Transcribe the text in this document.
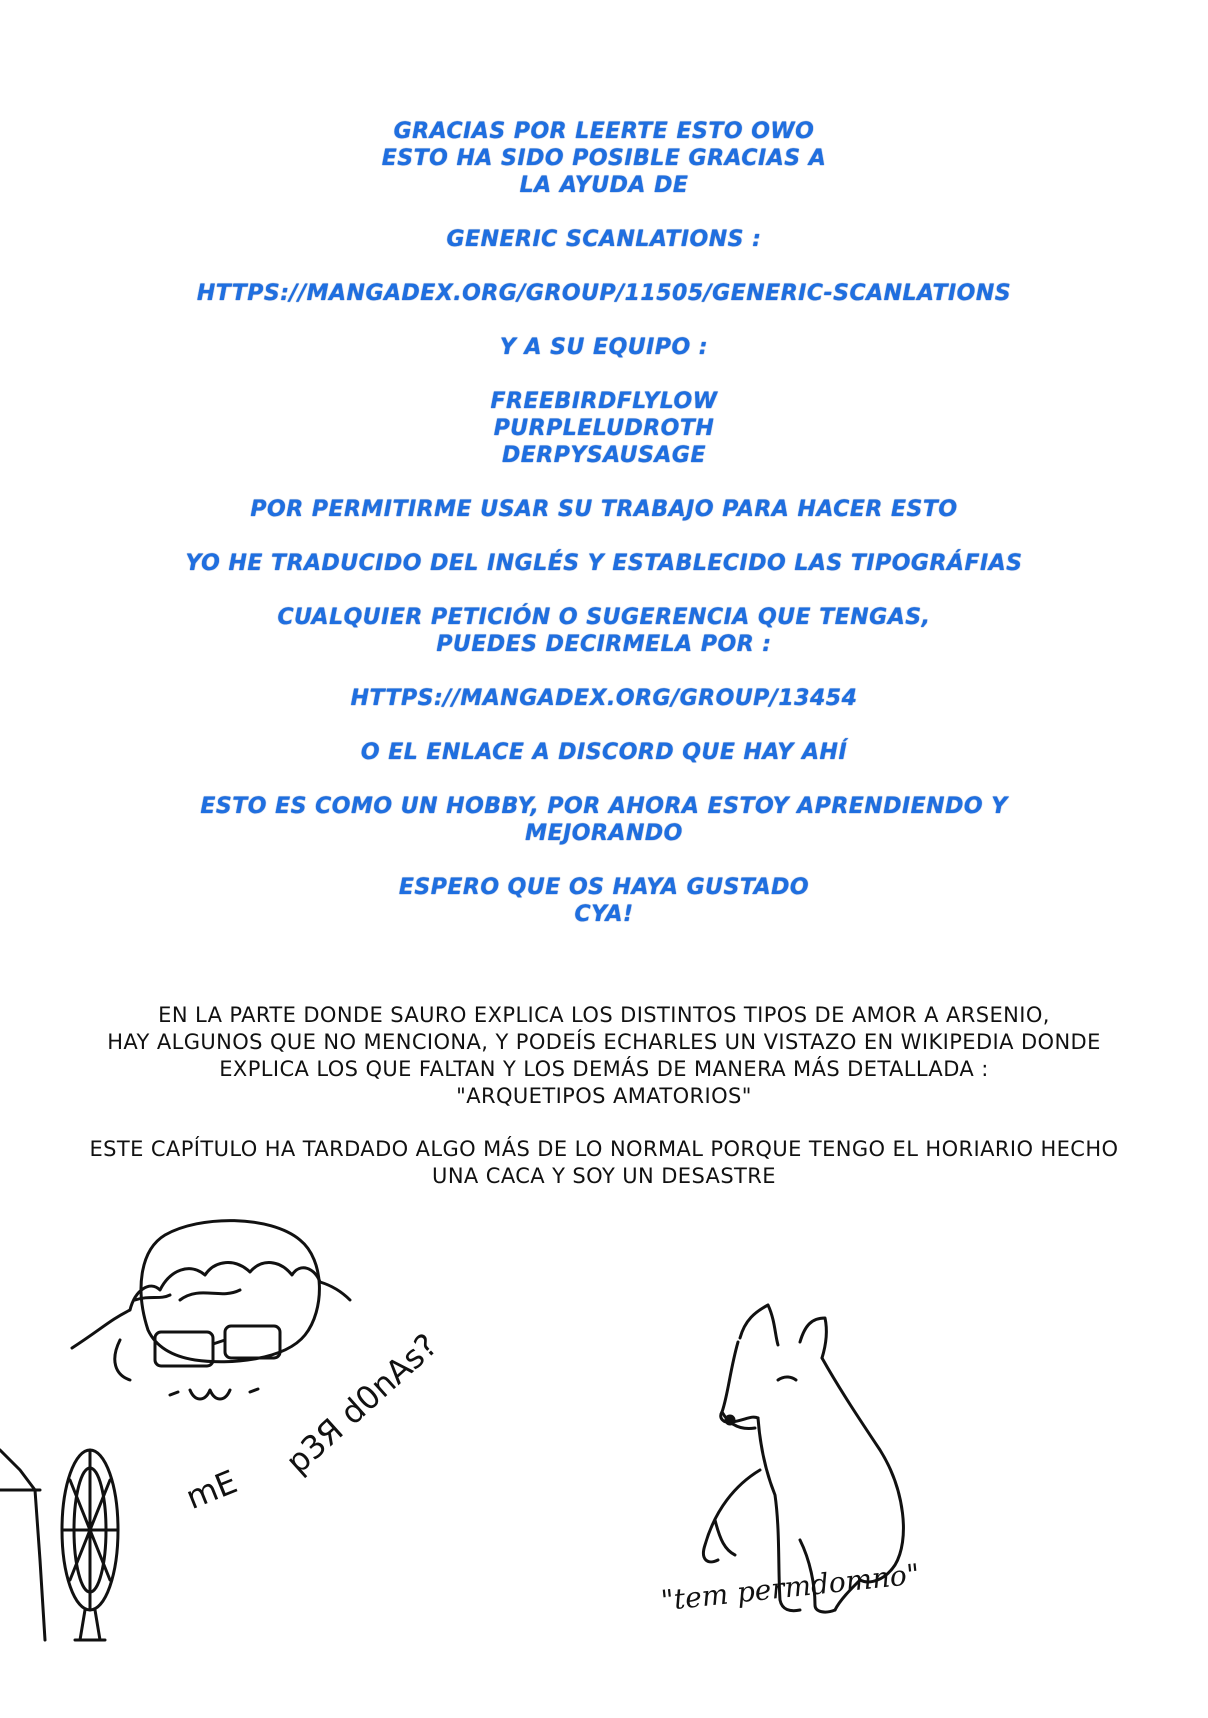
GRACIAS POR LEERTE ESTO OWO
ESTO HA SIDO POSIBLE GRACIAS A
LA AYUDA DE

GENERIC SCANLATIONS :

HTTPS://MANGADEX.ORG/GROUP/11505/GENERIC-SCANLATIONS

Y A SU EQUIPO :

FREEBIRDFLYLOW
PURPLELUDROTH
DERPYSAUSAGE

POR PERMITIRME USAR SU TRABAJO PARA HACER ESTO

YO HE TRADUCIDO DEL INGLÉS Y ESTABLECIDO LAS TIPOGRÁFIAS

CUALQUIER PETICIÓN O SUGERENCIA QUE TENGAS,
PUEDES DECIRMELA POR :

HTTPS://MANGADEX.ORG/GROUP/13454

O EL ENLACE A DISCORD QUE HAY AHÍ

ESTO ES COMO UN HOBBY, POR AHORA ESTOY APRENDIENDO Y
MEJORANDO

ESPERO QUE OS HAYA GUSTADO
CYA!

EN LA PARTE DONDE SAURO EXPLICA LOS DISTINTOS TIPOS DE AMOR A ARSENIO,
HAY ALGUNOS QUE NO MENCIONA, Y PODEÍS ECHARLES UN VISTAZO EN WIKIPEDIA DONDE
EXPLICA LOS QUE FALTAN Y LOS DEMÁS DE MANERA MÁS DETALLADA :
"ARQUETIPOS AMATORIOS"

ESTE CAPÍTULO HA TARDADO ALGO MÁS DE LO NORMAL PORQUE TENGO EL HORIARIO HECHO
UNA CACA Y SOY UN DESASTRE

mE
p3Я d0nAs?
"tem permdomno"
